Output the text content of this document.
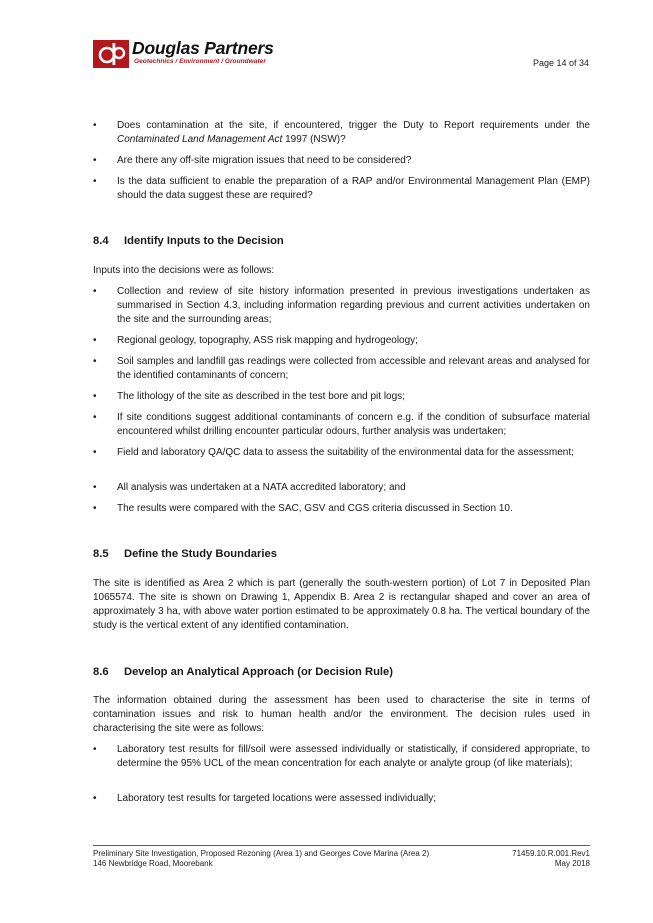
Douglas Partners
Geotechnics / Environment / Groundwater	Page 14 of 34
• Does contamination at the site, if encountered, trigger the Duty to Report requirements under the Contaminated Land Management Act 1997 (NSW)?
• Are there any off-site migration issues that need to be considered?
• Is the data sufficient to enable the preparation of a RAP and/or Environmental Management Plan (EMP) should the data suggest these are required?
8.4 Identify Inputs to the Decision

Inputs into the decisions were as follows:

• Collection and review of site history information presented in previous investigations undertaken as summarised in Section 4.3, including information regarding previous and current activities undertaken on the site and the surrounding areas;
• Regional geology, topography, ASS risk mapping and hydrogeology;
• Soil samples and landfill gas readings were collected from accessible and relevant areas and analysed for the identified contaminants of concern;
• The lithology of the site as described in the test bore and pit logs;
• If site conditions suggest additional contaminants of concern e.g. if the condition of subsurface material encountered whilst drilling encounter particular odours, further analysis was undertaken;
• Field and laboratory QA/QC data to assess the suitability of the environmental data for the assessment;
• All analysis was undertaken at a NATA accredited laboratory; and
• The results were compared with the SAC, GSV and CGS criteria discussed in Section 10.
8.5 Define the Study Boundaries

The site is identified as Area 2 which is part (generally the south-western portion) of Lot 7 in Deposited Plan 1065574. The site is shown on Drawing 1, Appendix B. Area 2 is rectangular shaped and cover an area of approximately 3 ha, with above water portion estimated to be approximately 0.8 ha. The vertical boundary of the study is the vertical extent of any identified contamination.

8.6 Develop an Analytical Approach (or Decision Rule)

The information obtained during the assessment has been used to characterise the site in terms of contamination issues and risk to human health and/or the environment. The decision rules used in characterising the site were as follows:

• Laboratory test results for fill/soil were assessed individually or statistically, if considered appropriate, to determine the 95% UCL of the mean concentration for each analyte or analyte group (of like materials);
• Laboratory test results for targeted locations were assessed individually;
Preliminary Site Investigation, Proposed Rezoning (Area 1) and Georges Cove Marina (Area 2)
146 Newbridge Road, Moorebank
71459.10.R.001.Rev1
May 2018
